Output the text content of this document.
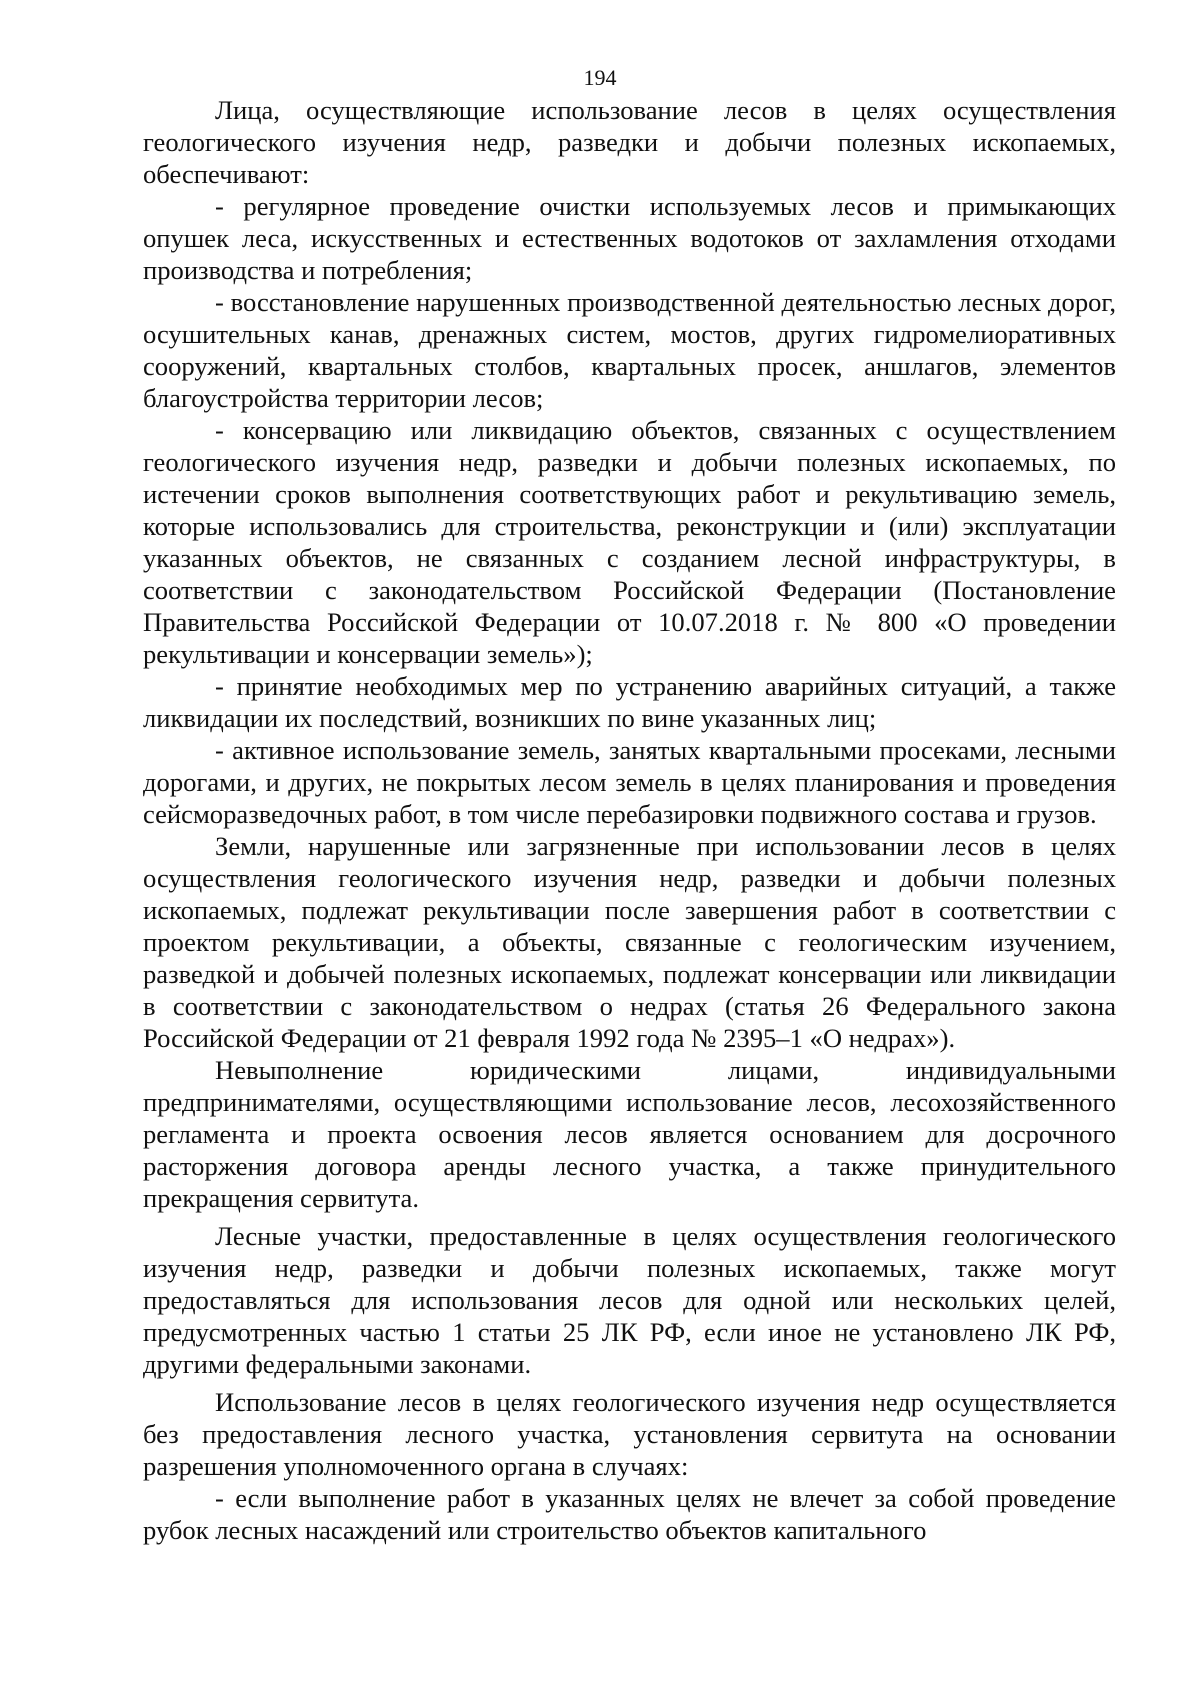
194

Лица, осуществляющие использование лесов в целях осуществления геологического изучения недр, разведки и добычи полезных ископаемых, обеспечивают:

- регулярное проведение очистки используемых лесов и примыкающих опушек леса, искусственных и естественных водотоков от захламления отходами производства и потребления;

- восстановление нарушенных производственной деятельностью лесных дорог, осушительных канав, дренажных систем, мостов, других гидромелиоративных сооружений, квартальных столбов, квартальных просек, аншлагов, элементов благоустройства территории лесов;

- консервацию или ликвидацию объектов, связанных с осуществлением геологического изучения недр, разведки и добычи полезных ископаемых, по истечении сроков выполнения соответствующих работ и рекультивацию земель, которые использовались для строительства, реконструкции и (или) эксплуатации указанных объектов, не связанных с созданием лесной инфраструктуры, в соответствии с законодательством Российской Федерации (Постановление Правительства Российской Федерации от 10.07.2018 г. № 800 «О проведении рекультивации и консервации земель»);

- принятие необходимых мер по устранению аварийных ситуаций, а также ликвидации их последствий, возникших по вине указанных лиц;

- активное использование земель, занятых квартальными просеками, лесными дорогами, и других, не покрытых лесом земель в целях планирования и проведения сейсморазведочных работ, в том числе перебазировки подвижного состава и грузов.

Земли, нарушенные или загрязненные при использовании лесов в целях осуществления геологического изучения недр, разведки и добычи полезных ископаемых, подлежат рекультивации после завершения работ в соответствии с проектом рекультивации, а объекты, связанные с геологическим изучением, разведкой и добычей полезных ископаемых, подлежат консервации или ликвидации в соответствии с законодательством о недрах (статья 26 Федерального закона Российской Федерации от 21 февраля 1992 года № 2395–1 «О недрах»).

Невыполнение юридическими лицами, индивидуальными предпринимателями, осуществляющими использование лесов, лесохозяйственного регламента и проекта освоения лесов является основанием для досрочного расторжения договора аренды лесного участка, а также принудительного прекращения сервитута.

Лесные участки, предоставленные в целях осуществления геологического изучения недр, разведки и добычи полезных ископаемых, также могут предоставляться для использования лесов для одной или нескольких целей, предусмотренных частью 1 статьи 25 ЛК РФ, если иное не установлено ЛК РФ, другими федеральными законами.

Использование лесов в целях геологического изучения недр осуществляется без предоставления лесного участка, установления сервитута на основании разрешения уполномоченного органа в случаях:

- если выполнение работ в указанных целях не влечет за собой проведение рубок лесных насаждений или строительство объектов капитального
